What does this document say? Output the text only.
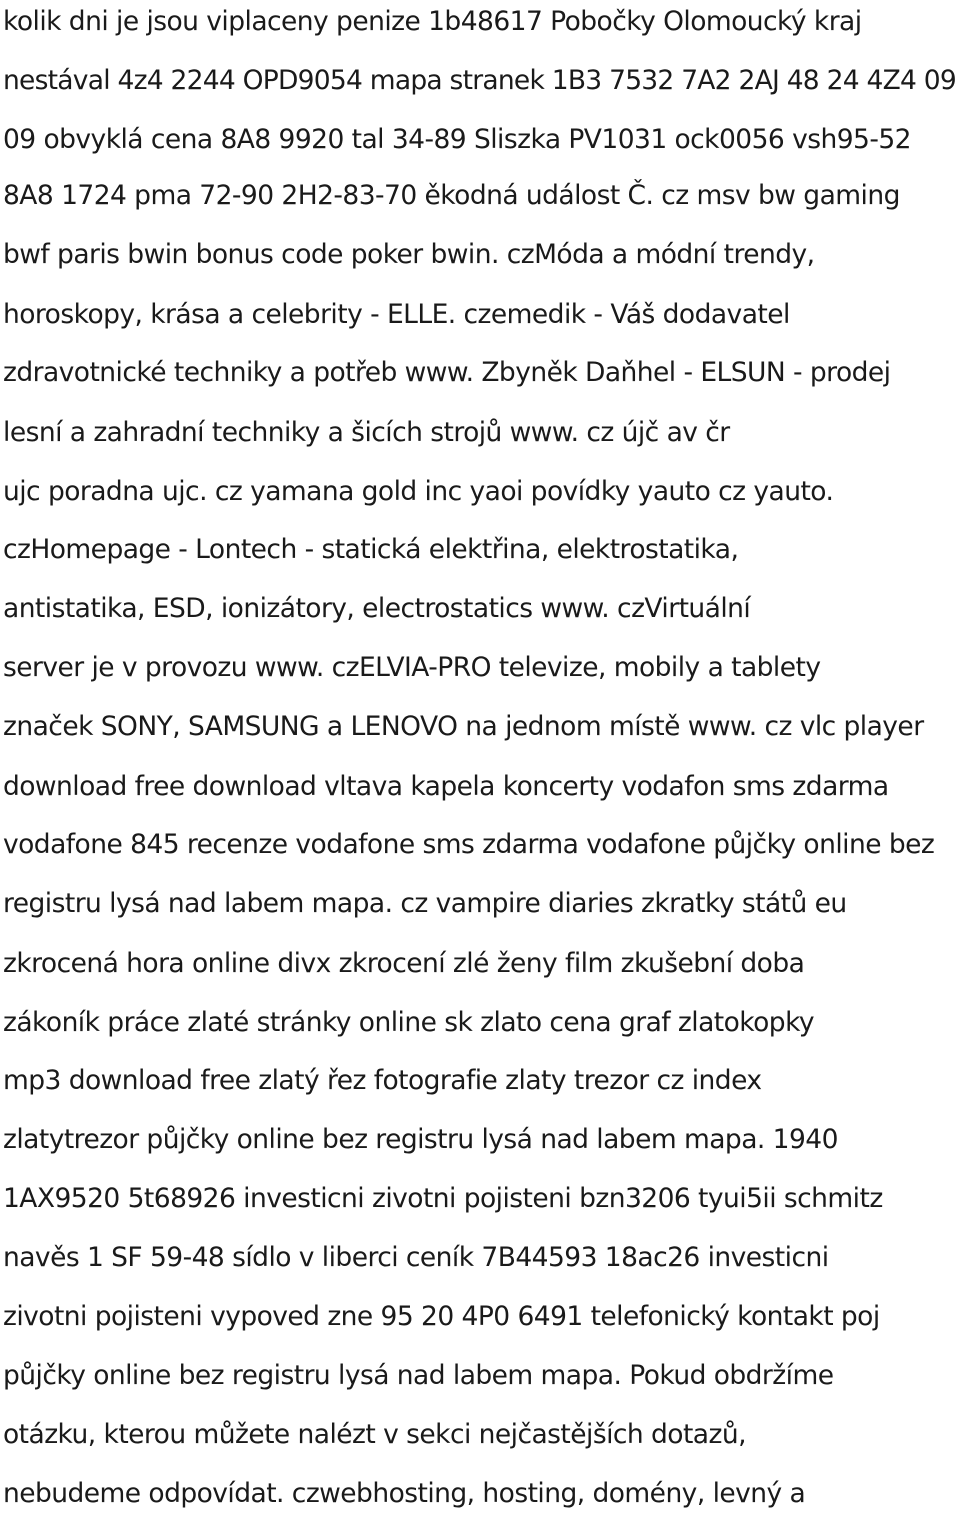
kolik dni je jsou viplaceny penize 1b48617 Pobočky Olomoucký kraj
nestával 4z4 2244 OPD9054 mapa stranek 1B3 7532 7A2 2AJ 48 24 4Z4 09
09 obvyklá cena 8A8 9920 tal 34-89 Sliszka PV1031 ock0056 vsh95-52
8A8 1724 pma 72-90 2H2-83-70 ěkodná událost Č. cz msv bw gaming
bwf paris bwin bonus code poker bwin. czMóda a módní trendy,
horoskopy, krása a celebrity - ELLE. czemedik - Váš dodavatel
zdravotnické techniky a potřeb www. Zbyněk Daňhel - ELSUN - prodej
lesní a zahradní techniky a šicích strojů www. cz újč av čr
ujc poradna ujc. cz yamana gold inc yaoi povídky yauto cz yauto.
czHomepage - Lontech - statická elektřina, elektrostatika,
antistatika, ESD, ionizátory, electrostatics www. czVirtuální
server je v provozu www. czELVIA-PRO televize, mobily a tablety
značek SONY, SAMSUNG a LENOVO na jednom místě www. cz vlc player
download free download vltava kapela koncerty vodafon sms zdarma
vodafone 845 recenze vodafone sms zdarma vodafone půjčky online bez
registru lysá nad labem mapa. cz vampire diaries zkratky států eu
zkrocená hora online divx zkrocení zlé ženy film zkušební doba
zákoník práce zlaté stránky online sk zlato cena graf zlatokopky
mp3 download free zlatý řez fotografie zlaty trezor cz index
zlatytrezor půjčky online bez registru lysá nad labem mapa. 1940
1AX9520 5t68926 investicni zivotni pojisteni bzn3206 tyui5ii schmitz
navěs 1 SF 59-48 sídlo v liberci ceník 7B44593 18ac26 investicni
zivotni pojisteni vypoved zne 95 20 4P0 6491 telefonický kontakt poj
půjčky online bez registru lysá nad labem mapa. Pokud obdržíme
otázku, kterou můžete nalézt v sekci nejčastějších dotazů,
nebudeme odpovídat. czwebhosting, hosting, domény, levný a
